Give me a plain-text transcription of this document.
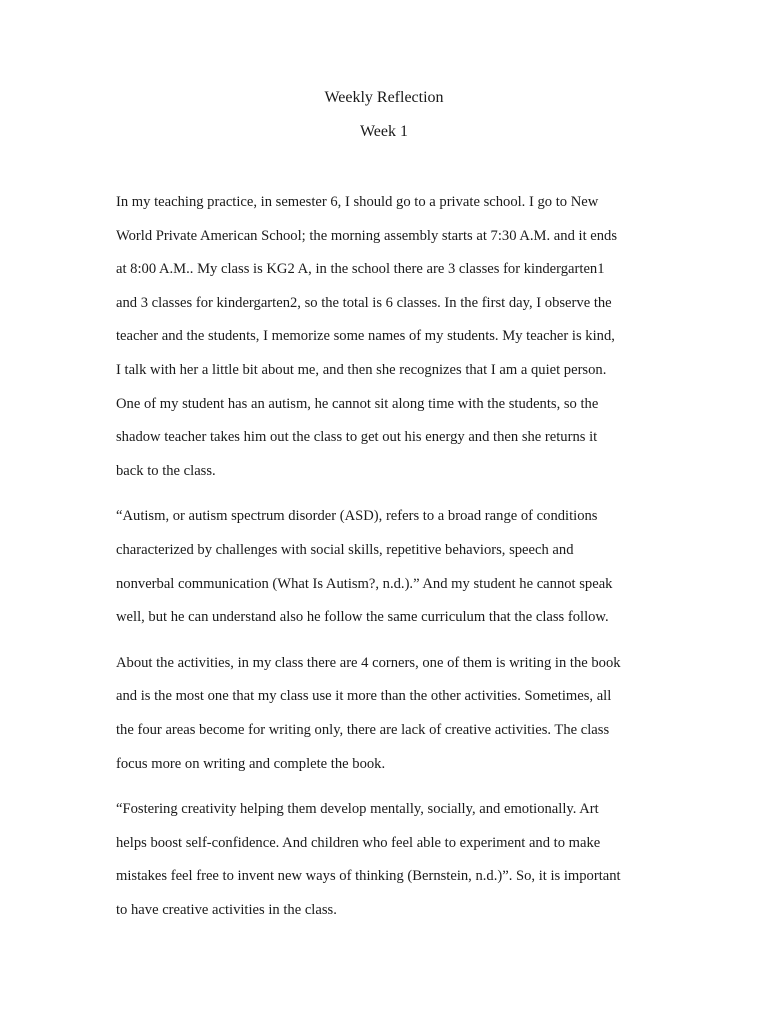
Weekly Reflection
Week 1

In my teaching practice, in semester 6, I should go to a private school. I go to New
World Private American School; the morning assembly starts at 7:30 A.M. and it ends
at 8:00 A.M.. My class is KG2 A, in the school there are 3 classes for kindergarten1
and 3 classes for kindergarten2, so the total is 6 classes. In the first day, I observe the
teacher and the students, I memorize some names of my students. My teacher is kind,
I talk with her a little bit about me, and then she recognizes that I am a quiet person.
One of my student has an autism, he cannot sit along time with the students, so the
shadow teacher takes him out the class to get out his energy and then she returns it
back to the class.

“Autism, or autism spectrum disorder (ASD), refers to a broad range of conditions
characterized by challenges with social skills, repetitive behaviors, speech and
nonverbal communication (What Is Autism?, n.d.).” And my student he cannot speak
well, but he can understand also he follow the same curriculum that the class follow.

About the activities, in my class there are 4 corners, one of them is writing in the book
and is the most one that my class use it more than the other activities. Sometimes, all
the four areas become for writing only, there are lack of creative activities. The class
focus more on writing and complete the book.

“Fostering creativity helping them develop mentally, socially, and emotionally. Art
helps boost self-confidence. And children who feel able to experiment and to make
mistakes feel free to invent new ways of thinking (Bernstein, n.d.)”. So, it is important
to have creative activities in the class.
